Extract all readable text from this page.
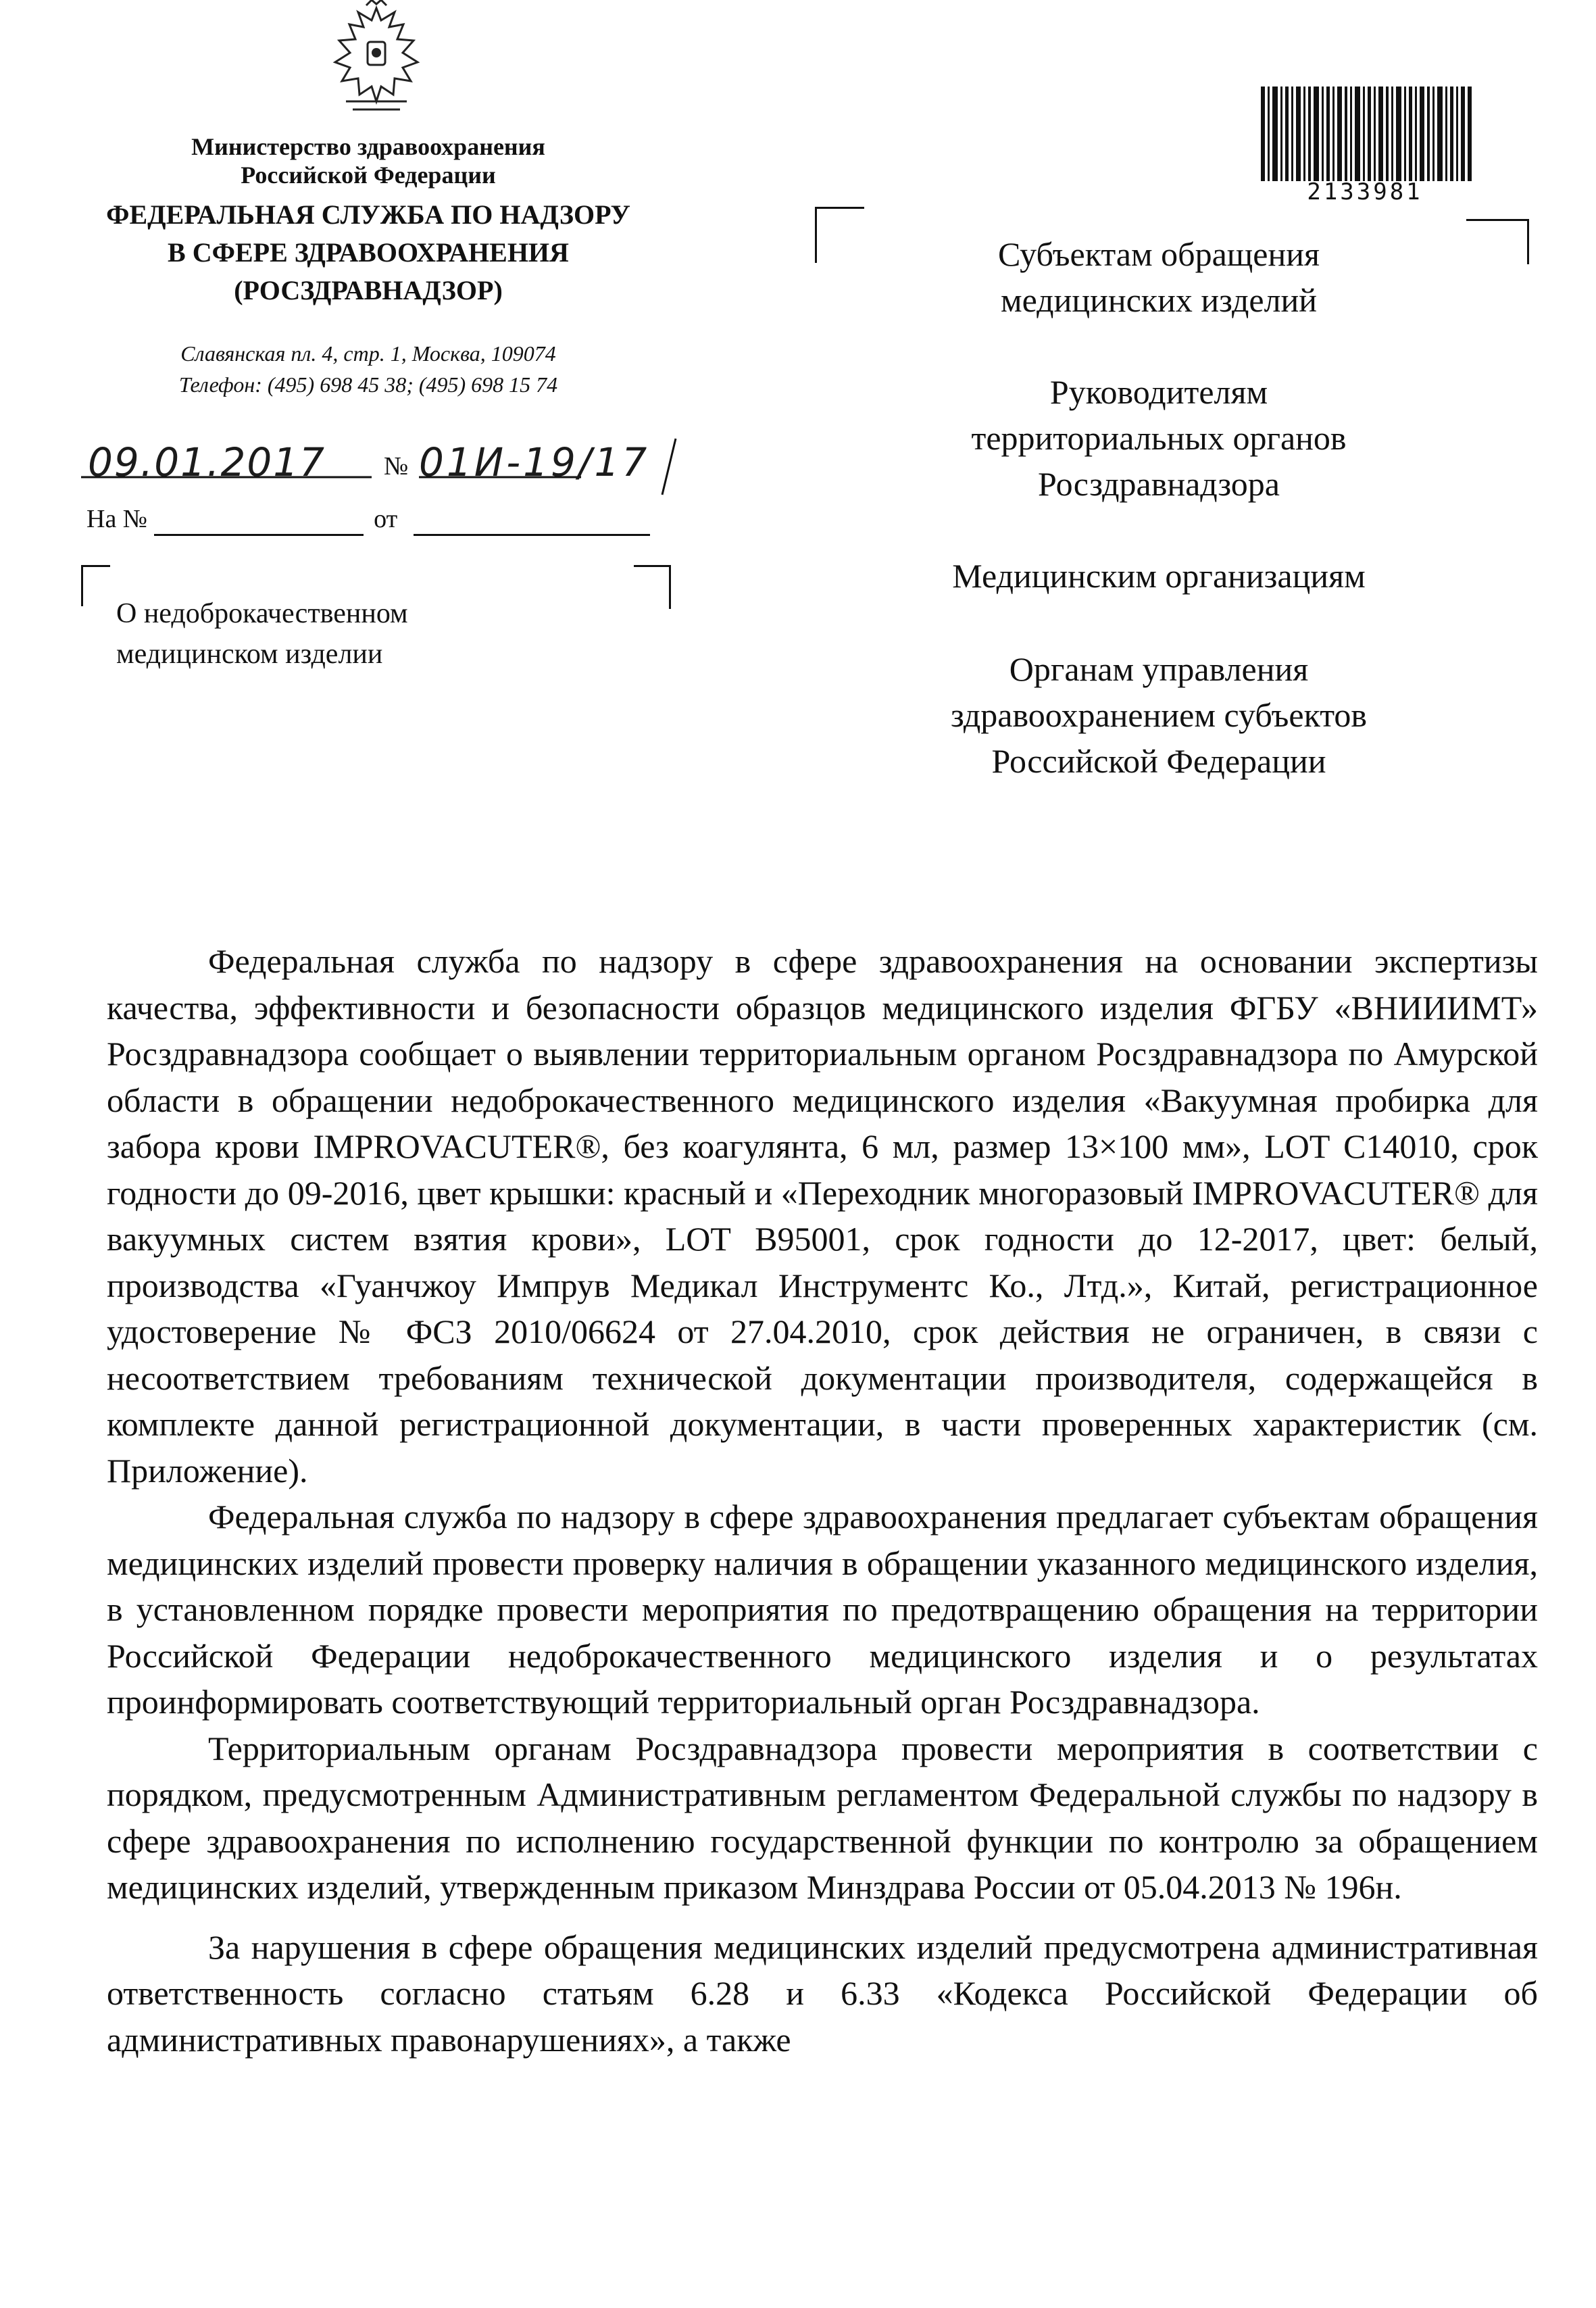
Министерство здравоохранения
Российской Федерации
ФЕДЕРАЛЬНАЯ СЛУЖБА ПО НАДЗОРУ
В СФЕРЕ ЗДРАВООХРАНЕНИЯ
(РОСЗДРАВНАДЗОР)
Славянская пл. 4, стр. 1, Москва, 109074
Телефон: (495) 698 45 38; (495) 698 15 74
09.01.2017 № 01И-19/17
На №	от
О недоброкачественном
медицинском изделии
2133981
Субъектам обращения
медицинских изделий
Руководителям
территориальных органов
Росздравнадзора
Медицинским организациям
Органам управления
здравоохранением субъектов
Российской Федерации

Федеральная служба по надзору в сфере здравоохранения на основании экспертизы качества, эффективности и безопасности образцов медицинского изделия ФГБУ «ВНИИИМТ» Росздравнадзора сообщает о выявлении территориальным органом Росздравнадзора по Амурской области в обращении недоброкачественного медицинского изделия «Вакуумная пробирка для забора крови IMPROVACUTER®, без коагулянта, 6 мл, размер 13×100 мм», LOT С14010, срок годности до 09-2016, цвет крышки: красный и «Переходник многоразовый IMPROVACUTER® для вакуумных систем взятия крови», LOT В95001, срок годности до 12-2017, цвет: белый, производства «Гуанчжоу Импрув Медикал Инструментс Ко., Лтд.», Китай, регистрационное удостоверение № ФСЗ 2010/06624 от 27.04.2010, срок действия не ограничен, в связи с несоответствием требованиям технической документации производителя, содержащейся в комплекте данной регистрационной документации, в части проверенных характеристик (см. Приложение).

Федеральная служба по надзору в сфере здравоохранения предлагает субъектам обращения медицинских изделий провести проверку наличия в обращении указанного медицинского изделия, в установленном порядке провести мероприятия по предотвращению обращения на территории Российской Федерации недоброкачественного медицинского изделия и о результатах проинформировать соответствующий территориальный орган Росздравнадзора.

Территориальным органам Росздравнадзора провести мероприятия в соответствии с порядком, предусмотренным Административным регламентом Федеральной службы по надзору в сфере здравоохранения по исполнению государственной функции по контролю за обращением медицинских изделий, утвержденным приказом Минздрава России от 05.04.2013 № 196н.

За нарушения в сфере обращения медицинских изделий предусмотрена административная ответственность согласно статьям 6.28 и 6.33 «Кодекса Российской Федерации об административных правонарушениях», а также
